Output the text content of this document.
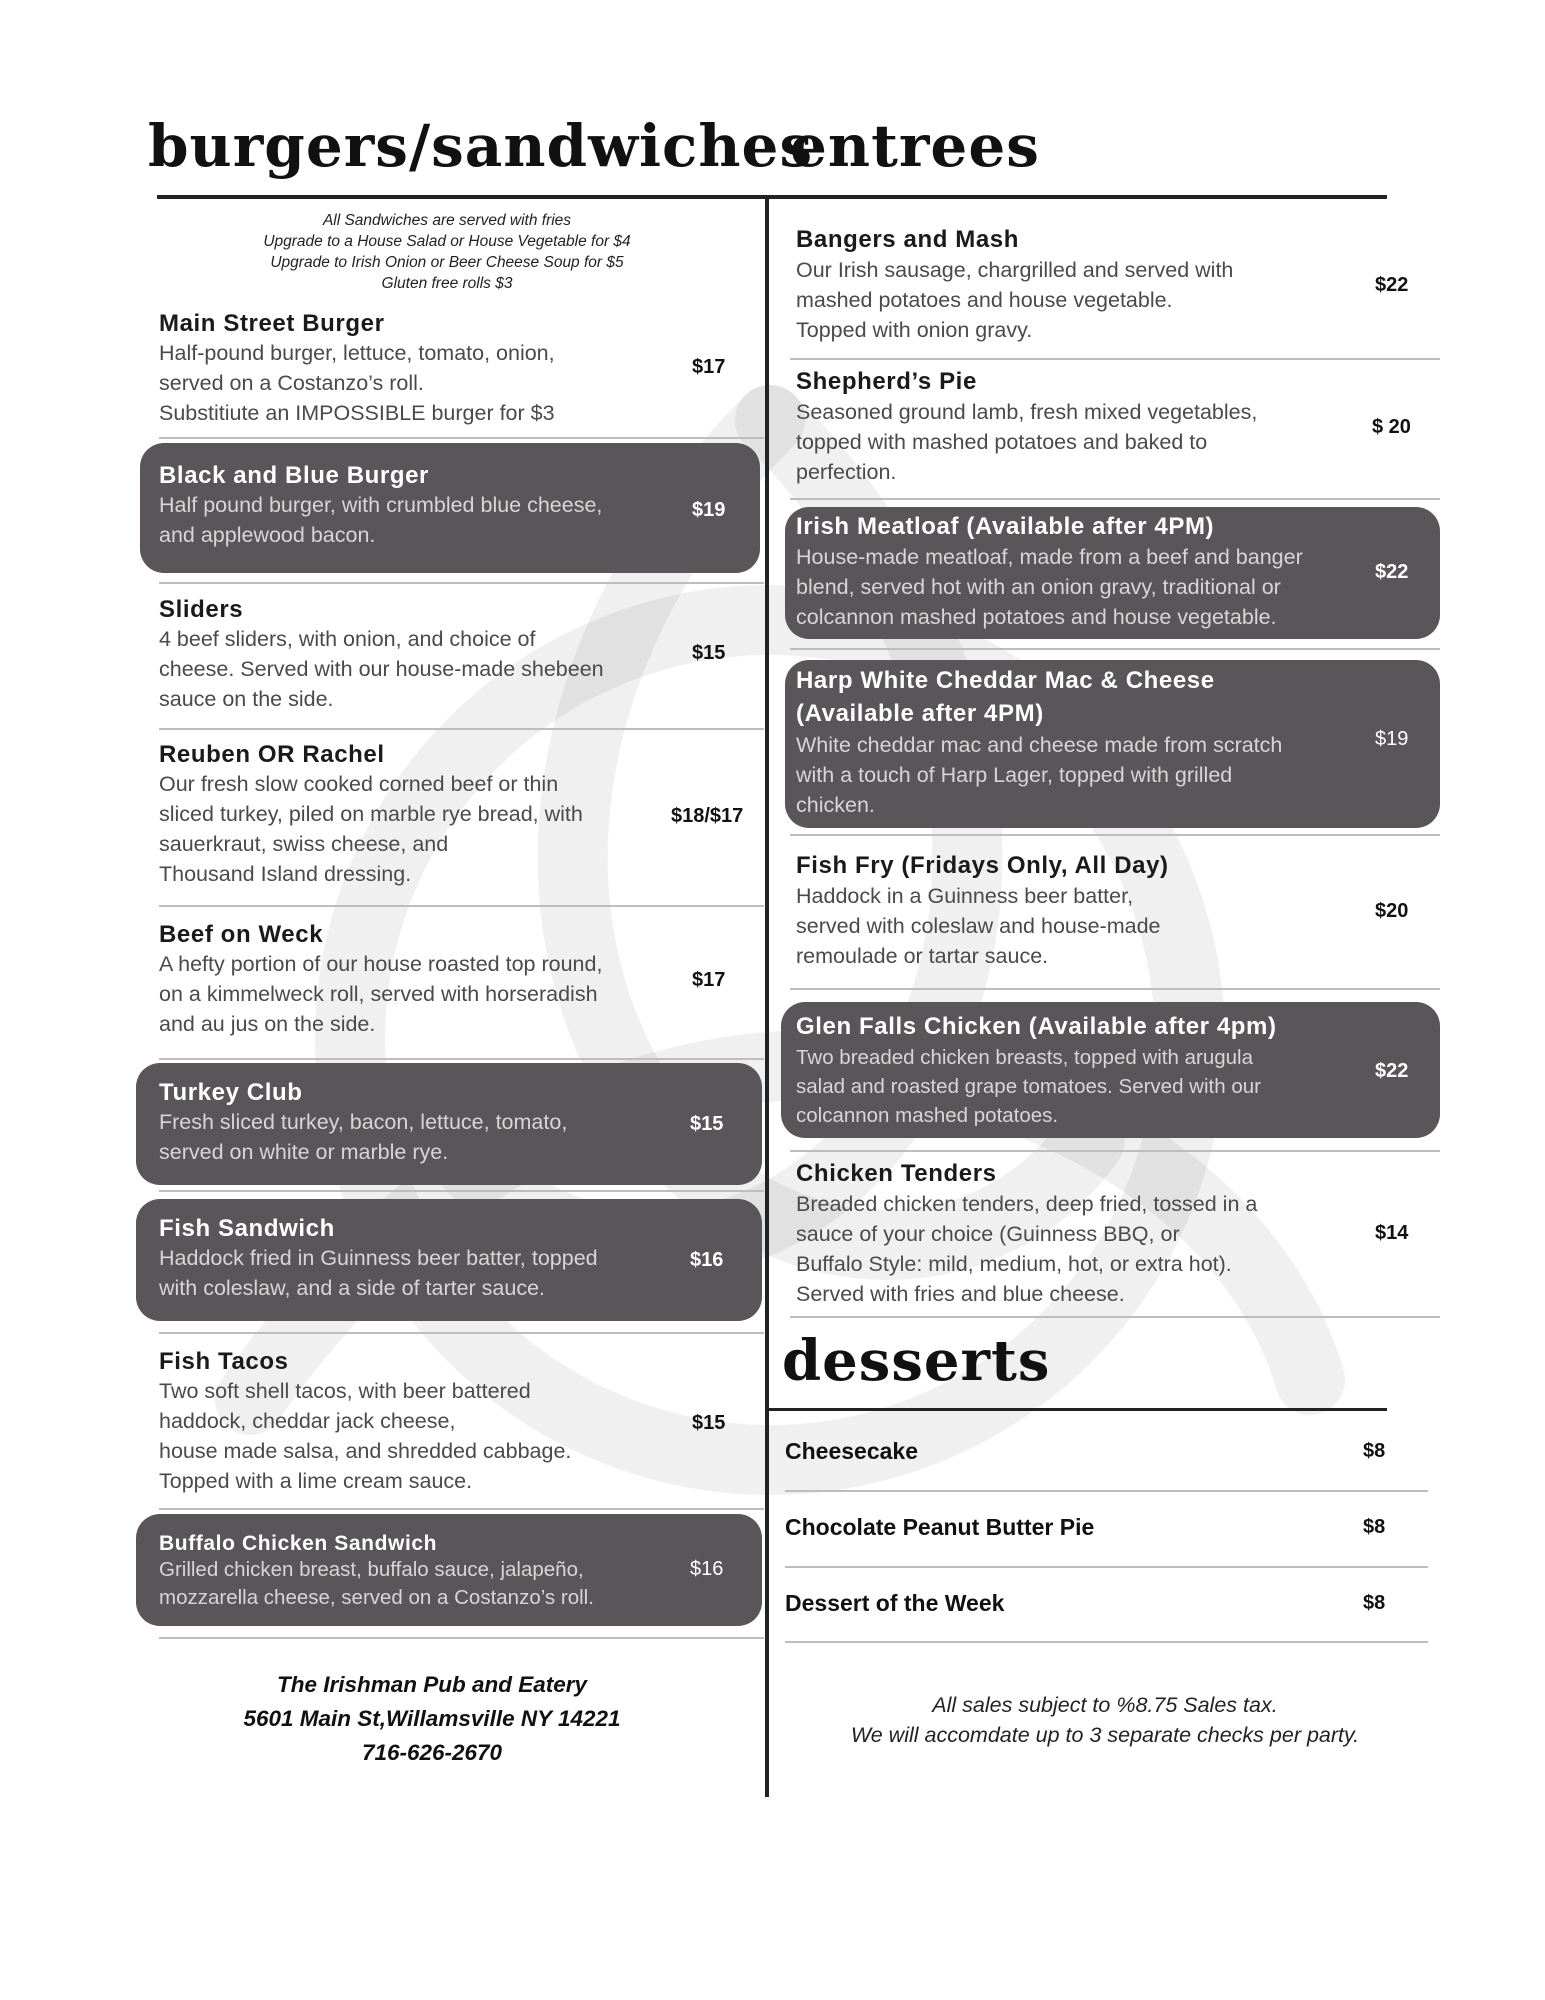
burgers/sandwiches
entrees
desserts
All Sandwiches are served with fries
Upgrade to a House Salad or House Vegetable for $4
Upgrade to Irish Onion or Beer Cheese Soup for $5
Gluten free rolls $3
Main Street Burger
Half-pound burger, lettuce, tomato, onion,
served on a Costanzo’s roll.
Substitiute an IMPOSSIBLE burger for $3
$17
Black and Blue Burger
Half pound burger, with crumbled blue cheese,
and applewood bacon.
$19
Sliders
4 beef sliders, with onion, and choice of
cheese. Served with our house-made shebeen
sauce on the side.
$15
Reuben OR Rachel
Our fresh slow cooked corned beef or thin
sliced turkey, piled on marble rye bread, with
sauerkraut, swiss cheese, and
Thousand Island dressing.
$18/$17
Beef on Weck
A hefty portion of our house roasted top round,
on a kimmelweck roll, served with horseradish
and au jus on the side.
$17
Turkey Club
Fresh sliced turkey, bacon, lettuce, tomato,
served on white or marble rye.
$15
Fish Sandwich
Haddock fried in Guinness beer batter, topped
with coleslaw, and a side of tarter sauce.
$16
Fish Tacos
Two soft shell tacos, with beer battered
haddock, cheddar jack cheese,
house made salsa, and shredded cabbage.
Topped with a lime cream sauce.
$15
Buffalo Chicken Sandwich
Grilled chicken breast, buffalo sauce, jalapeño,
mozzarella cheese, served on a Costanzo’s roll.
$16
Bangers and Mash
Our Irish sausage, chargrilled and served with
mashed potatoes and house vegetable.
Topped with onion gravy.
$22
Shepherd’s Pie
Seasoned ground lamb, fresh mixed vegetables,
topped with mashed potatoes and baked to
perfection.
$ 20
Irish Meatloaf (Available after 4PM)
House-made meatloaf, made from a beef and banger
blend, served hot with an onion gravy, traditional or
colcannon mashed potatoes and house vegetable.
$22
Harp White Cheddar Mac & Cheese
(Available after 4PM)
White cheddar mac and cheese made from scratch
with a touch of Harp Lager, topped with grilled
chicken.
$19
Fish Fry (Fridays Only, All Day)
Haddock in a Guinness beer batter,
served with coleslaw and house-made
remoulade or tartar sauce.
$20
Glen Falls Chicken (Available after 4pm)
Two breaded chicken breasts, topped with arugula
salad and roasted grape tomatoes. Served with our
colcannon mashed potatoes.
$22
Chicken Tenders
Breaded chicken tenders, deep fried, tossed in a
sauce of your choice (Guinness BBQ, or
Buffalo Style: mild, medium, hot, or extra hot).
Served with fries and blue cheese.
$14
Cheesecake	$8
Chocolate Peanut Butter Pie	$8
Dessert of the Week	$8
The Irishman Pub and Eatery
5601 Main St,Willamsville NY 14221
716-626-2670
All sales subject to %8.75 Sales tax.
We will accomdate up to 3 separate checks per party.
